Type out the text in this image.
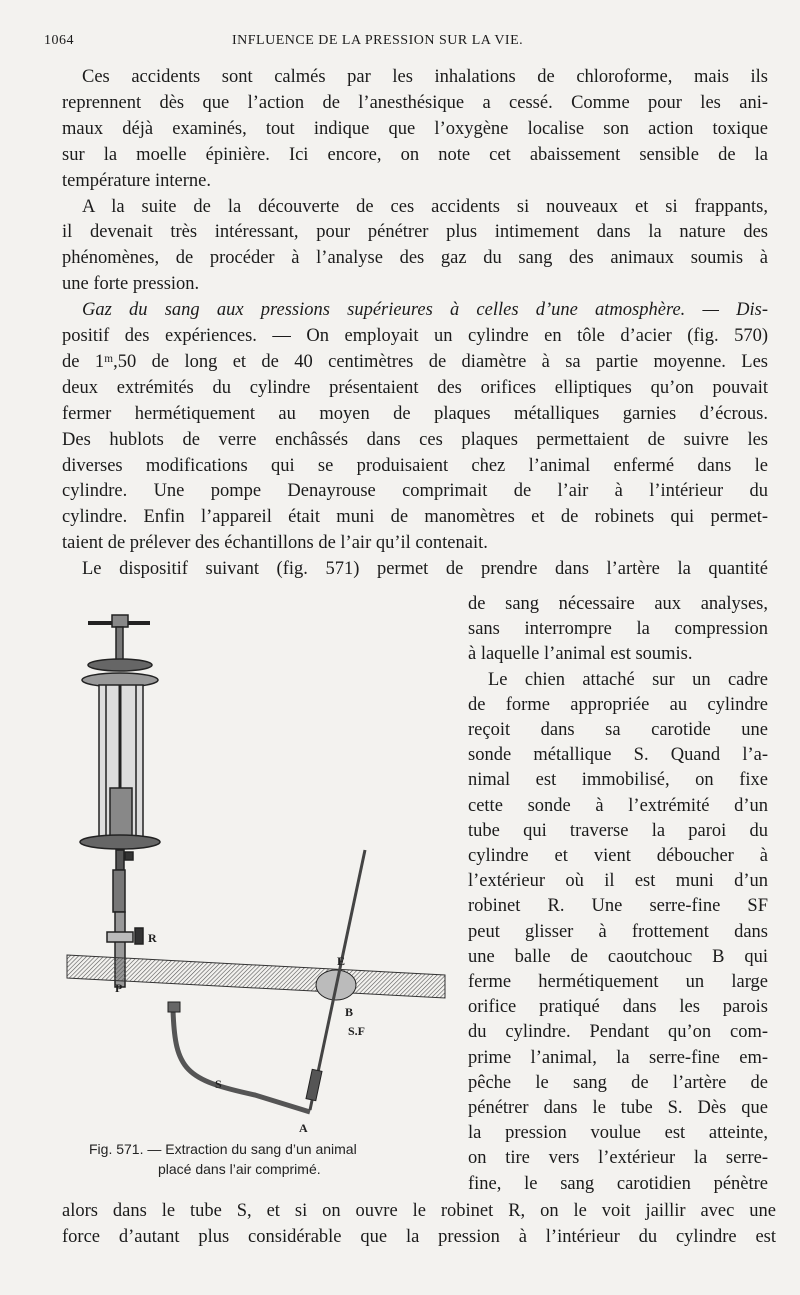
1064	INFLUENCE DE LA PRESSION SUR LA VIE.
Ces accidents sont calmés par les inhalations de chloroforme, mais ils
reprennent dès que l’action de l’anesthésique a cessé. Comme pour les ani-
maux déjà examinés, tout indique que l’oxygène localise son action toxique
sur la moelle épinière. Ici encore, on note cet abaissement sensible de la
température interne.
A la suite de la découverte de ces accidents si nouveaux et si frappants,
il devenait très intéressant, pour pénétrer plus intimement dans la nature des
phénomènes, de procéder à l’analyse des gaz du sang des animaux soumis à
une forte pression.
Gaz du sang aux pressions supérieures à celles d’une atmosphère. — Dis-
positif des expériences. — On employait un cylindre en tôle d’acier (fig. 570)
de 1ᵐ,50 de long et de 40 centimètres de diamètre à sa partie moyenne. Les
deux extrémités du cylindre présentaient des orifices elliptiques qu’on pouvait
fermer hermétiquement au moyen de plaques métalliques garnies d’écrous.
Des hublots de verre enchâssés dans ces plaques permettaient de suivre les
diverses modifications qui se produisaient chez l’animal enfermé dans le
cylindre. Une pompe Denayrouse comprimait de l’air à l’intérieur du
cylindre. Enfin l’appareil était muni de manomètres et de robinets qui permet-
taient de prélever des échantillons de l’air qu’il contenait.
Le dispositif suivant (fig. 571) permet de prendre dans l’artère la quantité
de sang nécessaire aux analyses,
sans interrompre la compression
à laquelle l’animal est soumis.
Le chien attaché sur un cadre
de forme appropriée au cylindre
reçoit dans sa carotide une
sonde métallique S. Quand l’a-
nimal est immobilisé, on fixe
cette sonde à l’extrémité d’un
tube qui traverse la paroi du
cylindre et vient déboucher à
l’extérieur où il est muni d’un
robinet R. Une serre-fine SF
peut glisser à frottement dans
une balle de caoutchouc B qui
ferme hermétiquement un large
orifice pratiqué dans les parois
du cylindre. Pendant qu’on com-
prime l’animal, la serre-fine em-
pêche le sang de l’artère de
pénétrer dans le tube S. Dès que
la pression voulue est atteinte,
on tire vers l’extérieur la serre-
fine, le sang carotidien pénètre
alors dans le tube S, et si on ouvre le robinet R, on le voit jaillir avec une
force d’autant plus considérable que la pression à l’intérieur du cylindre est
R
P
E
B
S.F
S
A
Fig. 571. — Extraction du sang d’un animal
placé dans l’air comprimé.
